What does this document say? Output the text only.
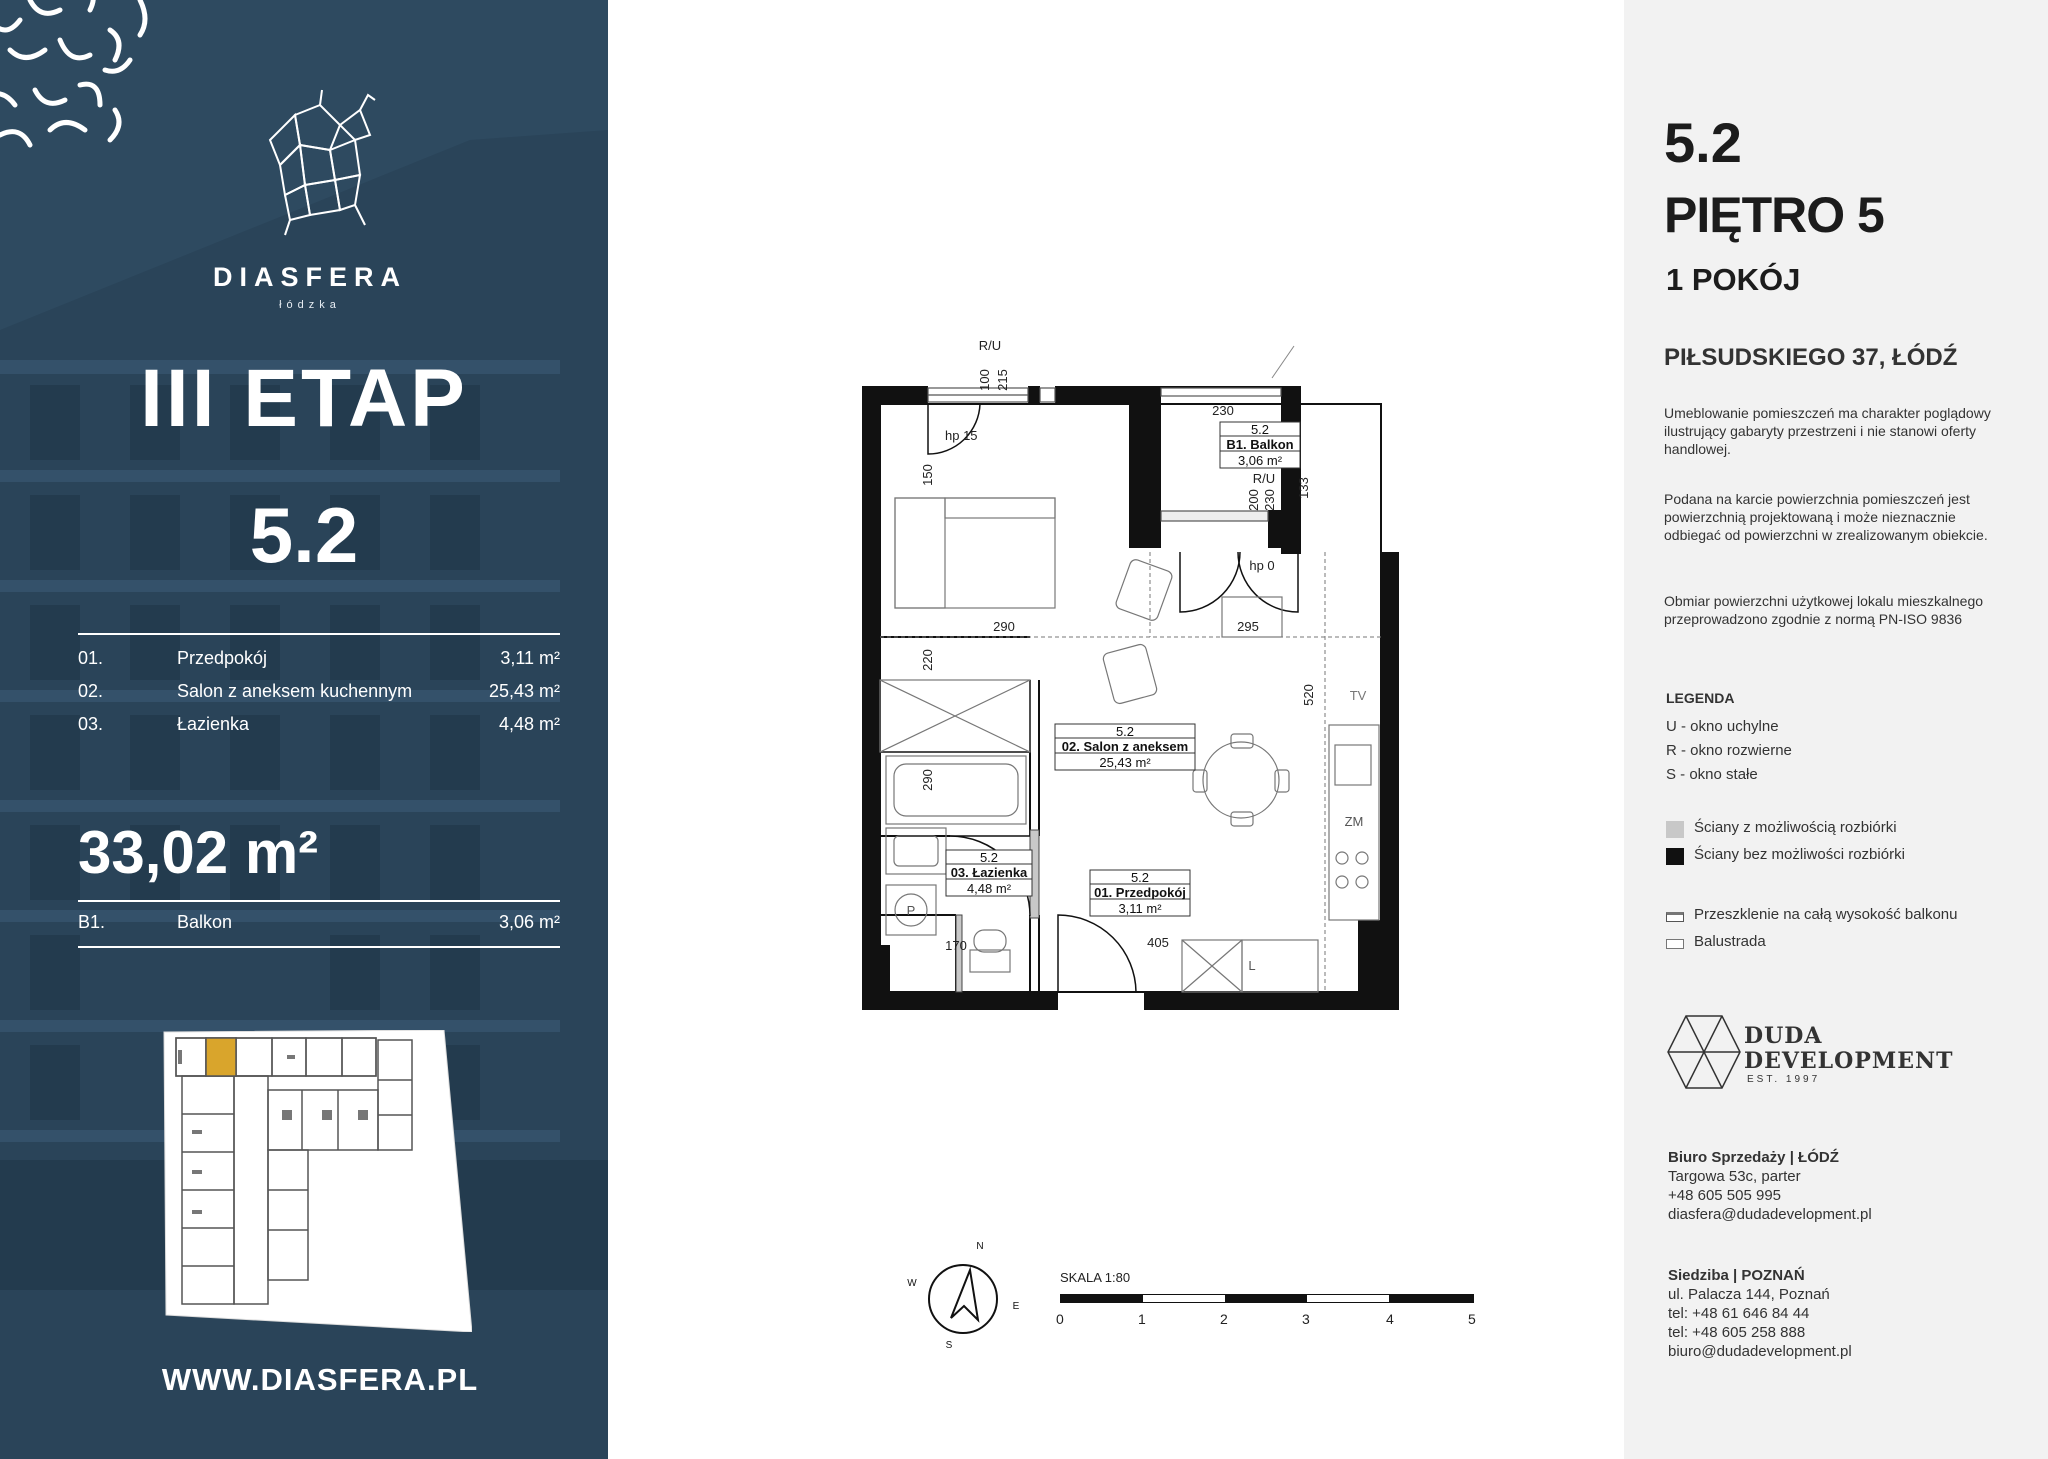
DIASFERA
łódzka
III ETAP
5.2
01.	Przedpokój	3,11 m²
02.	Salon z aneksem kuchennym	25,43 m²
03.	Łazienka	4,48 m²
33,02 m²
B1.	Balkon	3,06 m²
WWW.DIASFERA.PL
R/U
100 215
hp 15
150
230
R/U
200 230
133
hp 0
290	295
220
520	TV
290
ZM
P
170	405
L
5.2
B1. Balkon
3,06 m²
5.2
02. Salon z aneksem
25,43 m²
5.2
03. Łazienka
4,48 m²
5.2
01. Przedpokój
3,11 m²
N
E
S
W	SKALA 1:80
0	1	2	3	4	5
5.2
PIĘTRO 5
1 POKÓJ
PIŁSUDSKIEGO 37, ŁÓDŹ
Umeblowanie pomieszczeń ma charakter poglądowy ilustrujący gabaryty przestrzeni i nie stanowi oferty handlowej.
Podana na karcie powierzchnia pomieszczeń jest powierzchnią projektowaną i może nieznacznie odbiegać od powierzchni w zrealizowanym obiekcie.
Obmiar powierzchni użytkowej lokalu mieszkalnego przeprowadzono zgodnie z normą PN-ISO 9836
LEGENDA
U - okno uchylne
R - okno rozwierne
S - okno stałe
Ściany z możliwością rozbiórki
Ściany bez możliwości rozbiórki
Przeszklenie na całą wysokość balkonu
Balustrada
DUDA
DEVELOPMENT
EST. 1997
Biuro Sprzedaży | ŁÓDŹ
Targowa 53c, parter
+48 605 505 995
diasfera@dudadevelopment.pl
Siedziba | POZNAŃ
ul. Palacza 144, Poznań
tel: +48 61 646 84 44
tel: +48 605 258 888
biuro@dudadevelopment.pl
